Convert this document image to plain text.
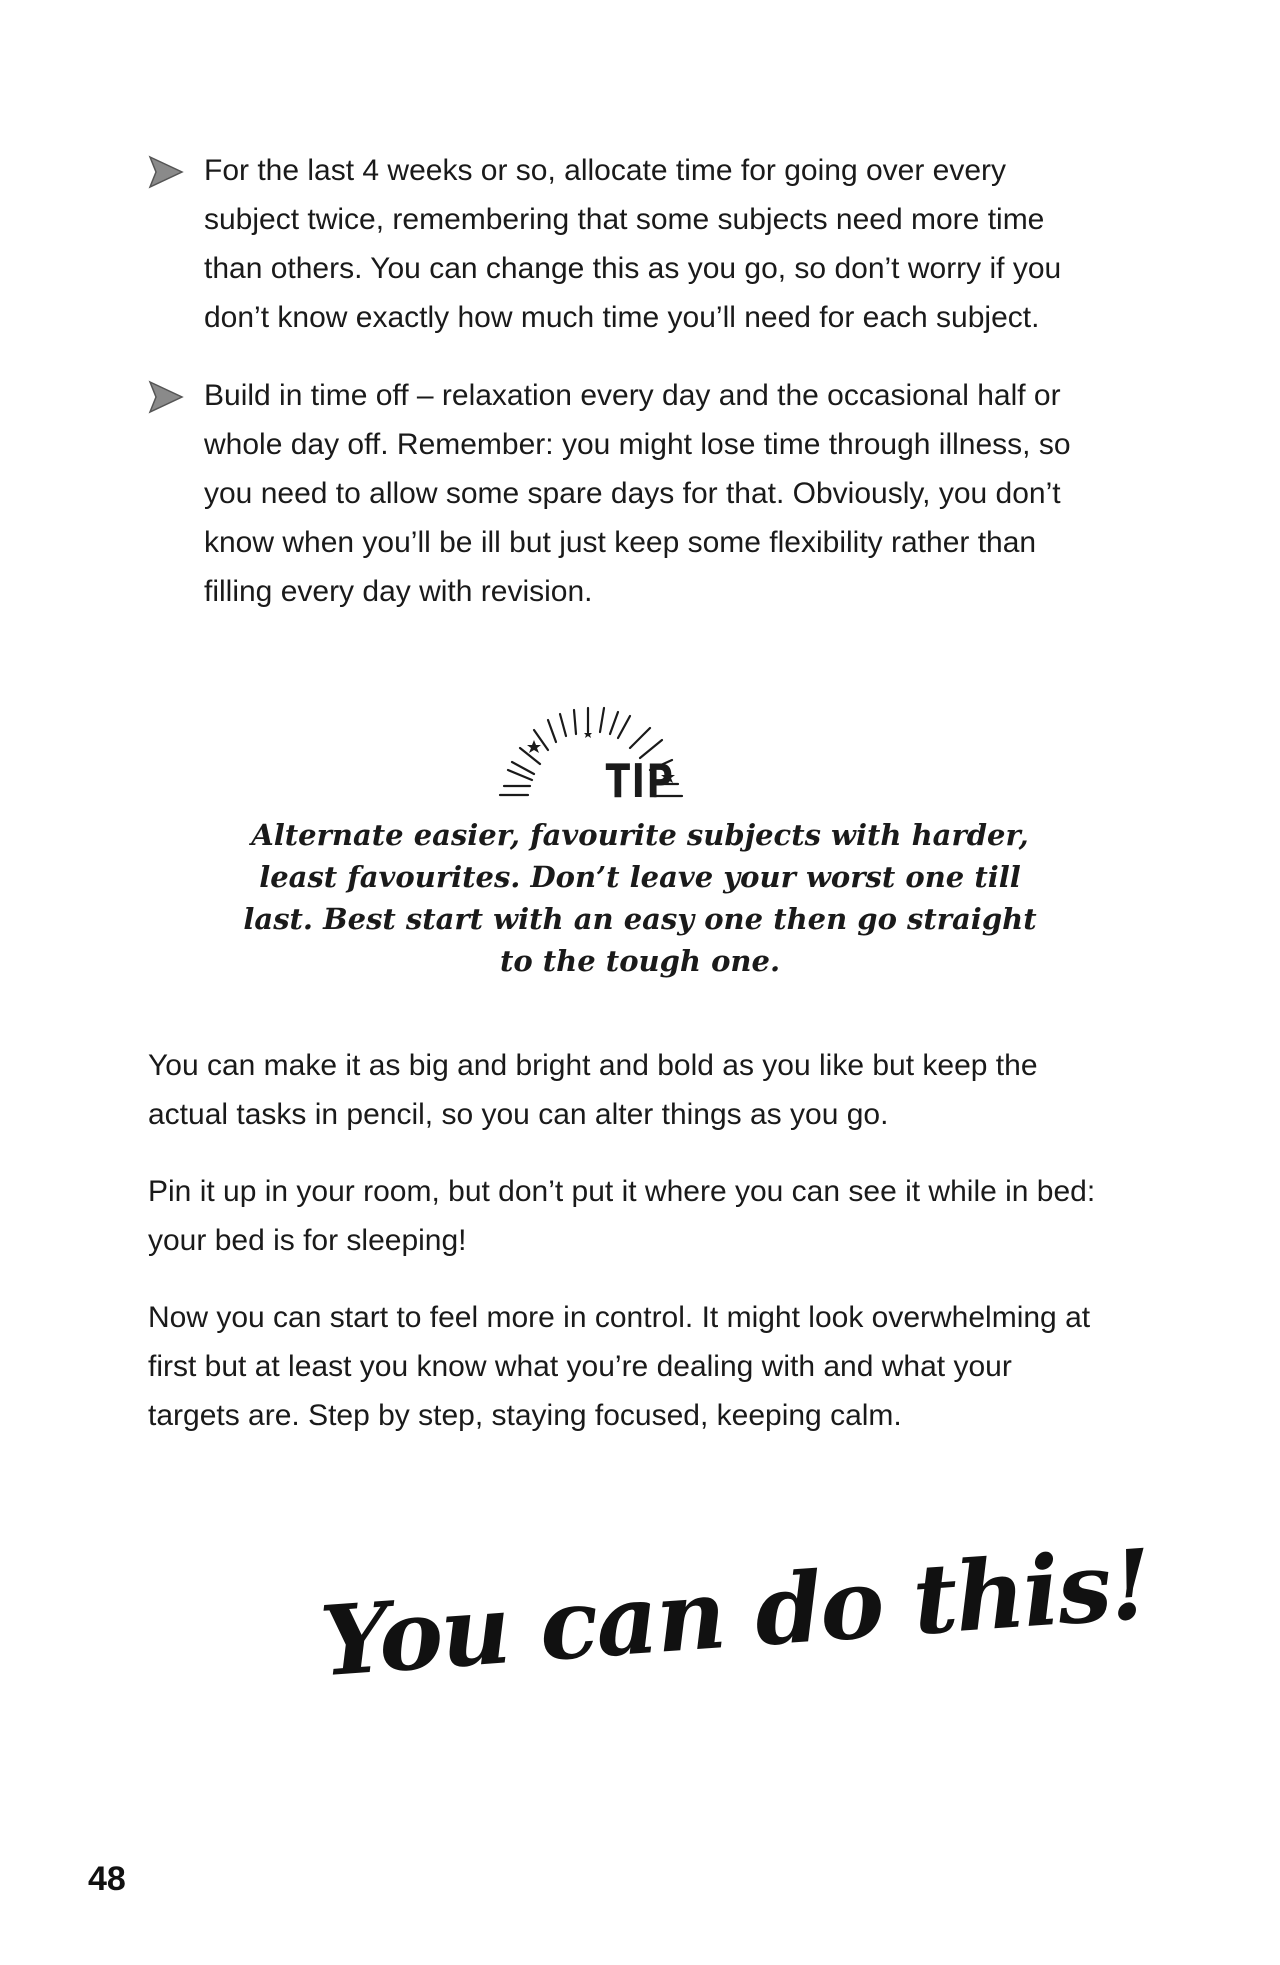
For the last 4 weeks or so, allocate time for going over every subject twice, remembering that some subjects need more time than others. You can change this as you go, so don’t worry if you don’t know exactly how much time you’ll need for each subject.
Build in time off – relaxation every day and the occasional half or whole day off. Remember: you might lose time through illness, so you need to allow some spare days for that. Obviously, you don’t know when you’ll be ill but just keep some flexibility rather than filling every day with revision.
TIP
Alternate easier, favourite subjects with harder, least favourites. Don’t leave your worst one till last. Best start with an easy one then go straight to the tough one.

You can make it as big and bright and bold as you like but keep the actual tasks in pencil, so you can alter things as you go.

Pin it up in your room, but don’t put it where you can see it while in bed: your bed is for sleeping!

Now you can start to feel more in control. It might look overwhelming at first but at least you know what you’re dealing with and what your targets are. Step by step, staying focused, keeping calm.

You can do this!
48
